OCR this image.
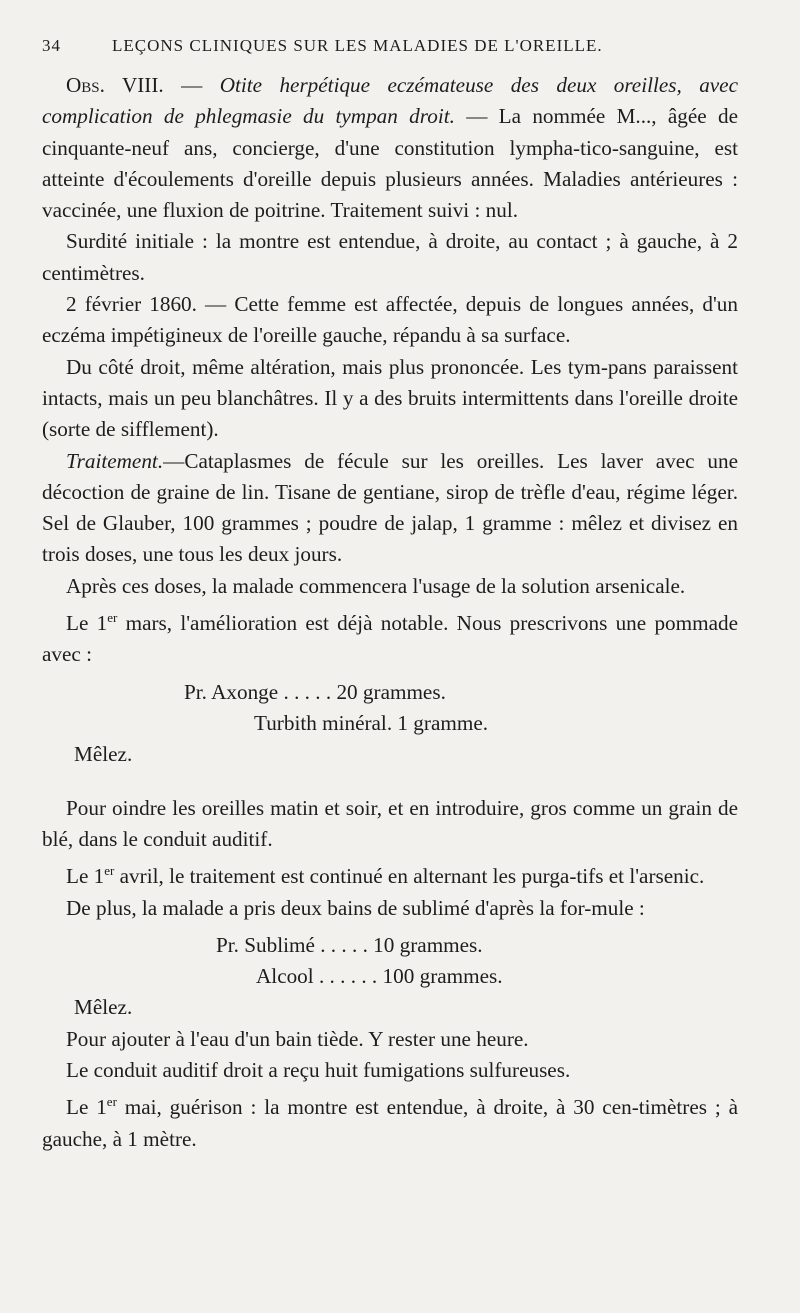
34	LEÇONS CLINIQUES SUR LES MALADIES DE L'OREILLE.

Obs. VIII. — Otite herpétique eczémateuse des deux oreilles, avec complication de phlegmasie du tympan droit. — La nommée M..., âgée de cinquante-neuf ans, concierge, d'une constitution lympha-tico-sanguine, est atteinte d'écoulements d'oreille depuis plusieurs années. Maladies antérieures : vaccinée, une fluxion de poitrine. Traitement suivi : nul.

Surdité initiale : la montre est entendue, à droite, au contact ; à gauche, à 2 centimètres.

2 février 1860. — Cette femme est affectée, depuis de longues années, d'un eczéma impétigineux de l'oreille gauche, répandu à sa surface.

Du côté droit, même altération, mais plus prononcée. Les tym-pans paraissent intacts, mais un peu blanchâtres. Il y a des bruits intermittents dans l'oreille droite (sorte de sifflement).

Traitement.—Cataplasmes de fécule sur les oreilles. Les laver avec une décoction de graine de lin. Tisane de gentiane, sirop de trèfle d'eau, régime léger. Sel de Glauber, 100 grammes ; poudre de jalap, 1 gramme : mêlez et divisez en trois doses, une tous les deux jours.

Après ces doses, la malade commencera l'usage de la solution arsenicale.

Le 1er mars, l'amélioration est déjà notable. Nous prescrivons une pommade avec :

Pr. Axonge . . . . . 20 grammes.
Turbith minéral. 1 gramme.
Mêlez.

Pour oindre les oreilles matin et soir, et en introduire, gros comme un grain de blé, dans le conduit auditif.

Le 1er avril, le traitement est continué en alternant les purga-tifs et l'arsenic.

De plus, la malade a pris deux bains de sublimé d'après la for-mule :

Pr. Sublimé . . . . . 10 grammes.
Alcool . . . . . . 100 grammes.
Mêlez.

Pour ajouter à l'eau d'un bain tiède. Y rester une heure.

Le conduit auditif droit a reçu huit fumigations sulfureuses.

Le 1er mai, guérison : la montre est entendue, à droite, à 30 cen-timètres ; à gauche, à 1 mètre.
